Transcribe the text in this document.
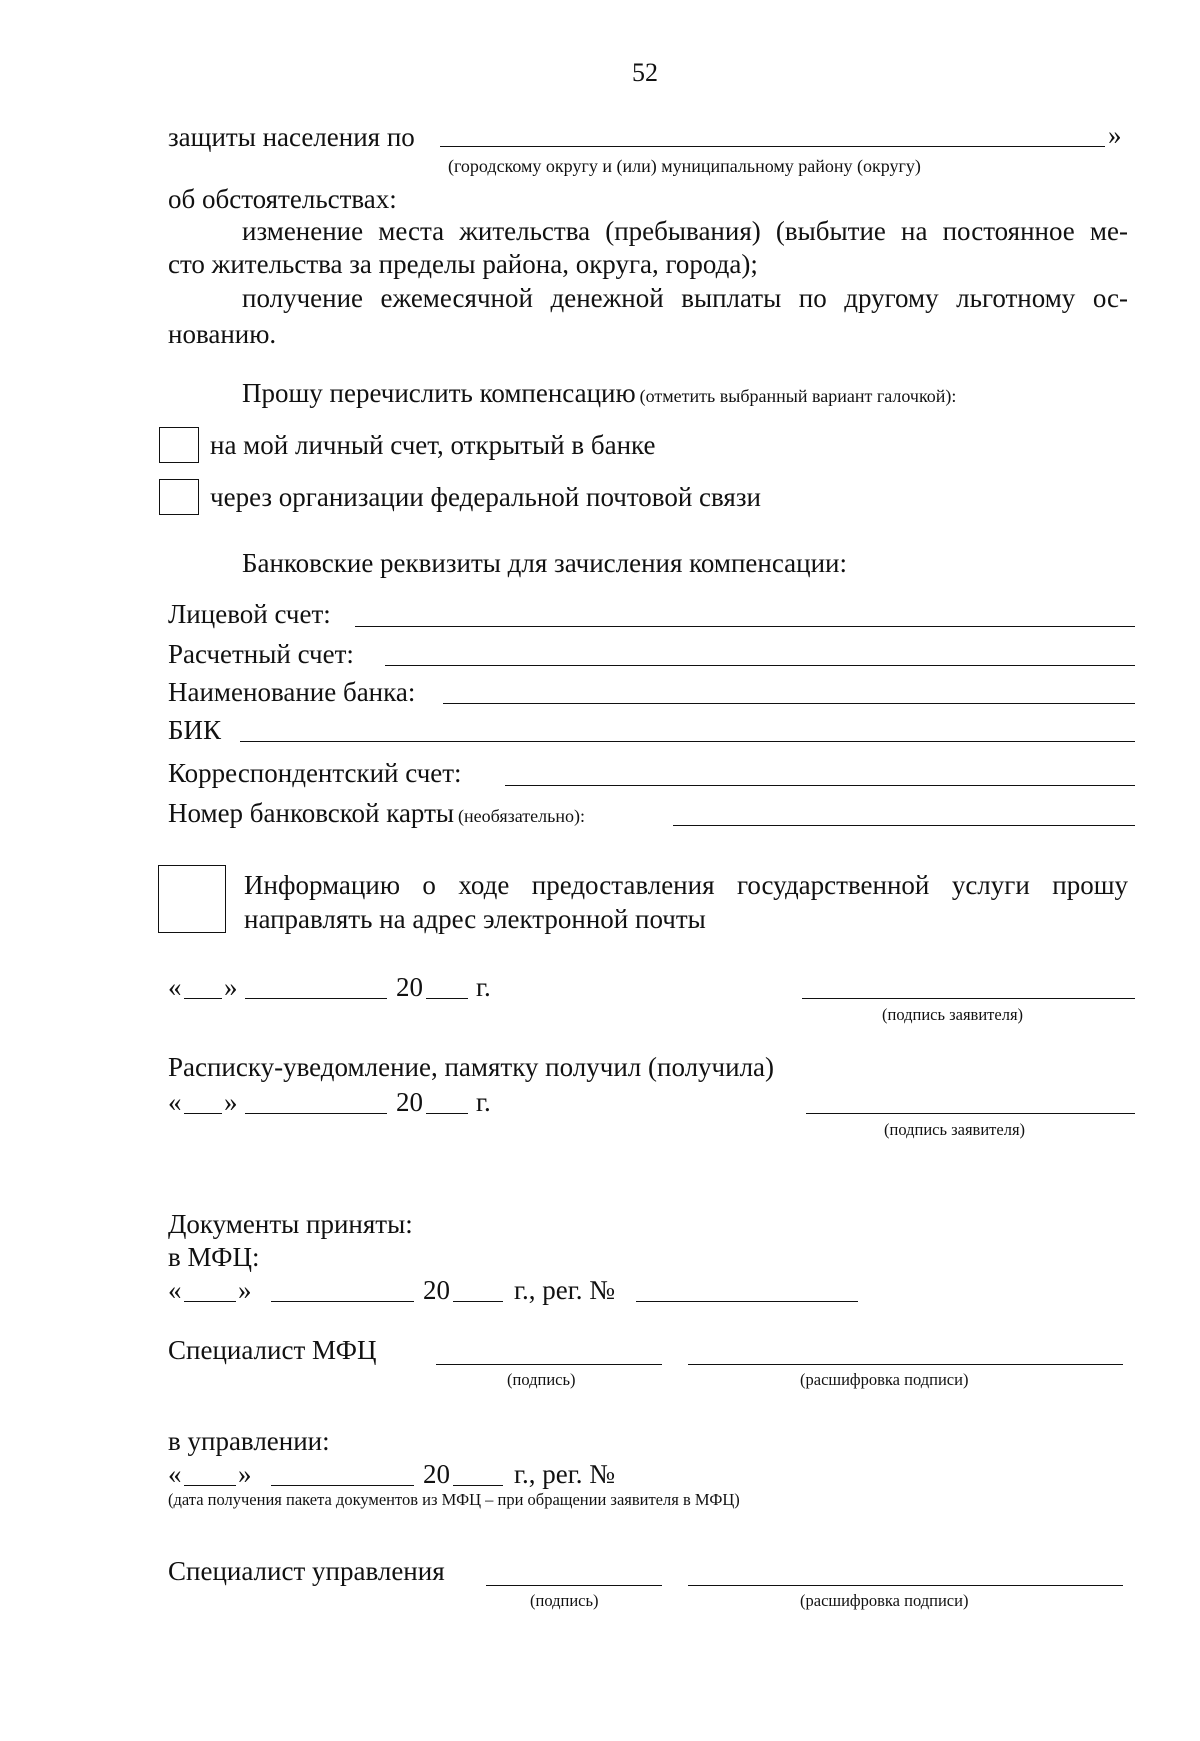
52
защиты населения по	»
(городскому округу и (или) муниципальному району (округу)
об обстоятельствах:
изменение места жительства (пребывания) (выбытие на постоянное ме-
сто жительства за пределы района, округа, города);
получение ежемесячной денежной выплаты по другому льготному ос-
нованию.
Прошу перечислить компенсацию (отметить выбранный вариант галочкой):
на мой личный счет, открытый в банке
через организации федеральной почтовой связи
Банковские реквизиты для зачисления компенсации:
Лицевой счет:
Расчетный счет:
Наименование банка:
БИК
Корреспондентский счет:
Номер банковской карты (необязательно):
Информацию о ходе предоставления государственной услуги прошу
направлять на адрес электронной почты
« »	20 г.
(подпись заявителя)
Расписку-уведомление, памятку получил (получила)
« »	20 г.
(подпись заявителя)
Документы приняты:
в МФЦ:
« »	20 г., рег. №
Специалист МФЦ
(подпись)	(расшифровка подписи)
в управлении:
« »	20 г., рег. №
(дата получения пакета документов из МФЦ – при обращении заявителя в МФЦ)
Специалист управления
(подпись)	(расшифровка подписи)
